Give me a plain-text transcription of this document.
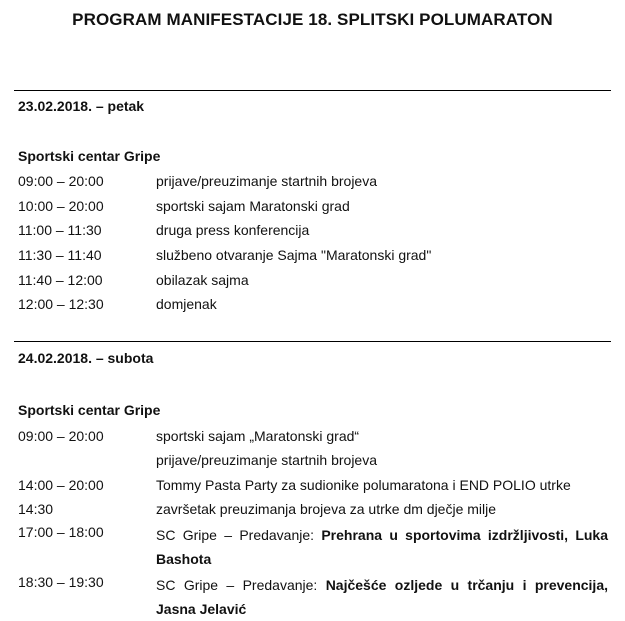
PROGRAM MANIFESTACIJE 18. SPLITSKI POLUMARATON
23.02.2018. – petak
Sportski centar Gripe
09:00 – 20:00	prijave/preuzimanje startnih brojeva
10:00 – 20:00	sportski sajam Maratonski grad
11:00 – 11:30	druga press konferencija
11:30 – 11:40	službeno otvaranje Sajma "Maratonski grad"
11:40 – 12:00	obilazak sajma
12:00 – 12:30	domjenak
24.02.2018. – subota
Sportski centar Gripe
09:00 – 20:00	sportski sajam „Maratonski grad“
prijave/preuzimanje startnih brojeva
14:00 – 20:00	Tommy Pasta Party za sudionike polumaratona i END POLIO utrke
14:30	završetak preuzimanja brojeva za utrke dm dječje milje
17:00 – 18:00	SC Gripe – Predavanje: Prehrana u sportovima izdržljivosti, Luka Bashota
18:30 – 19:30	SC Gripe – Predavanje: Najčešće ozljede u trčanju i prevencija, Jasna Jelavić
